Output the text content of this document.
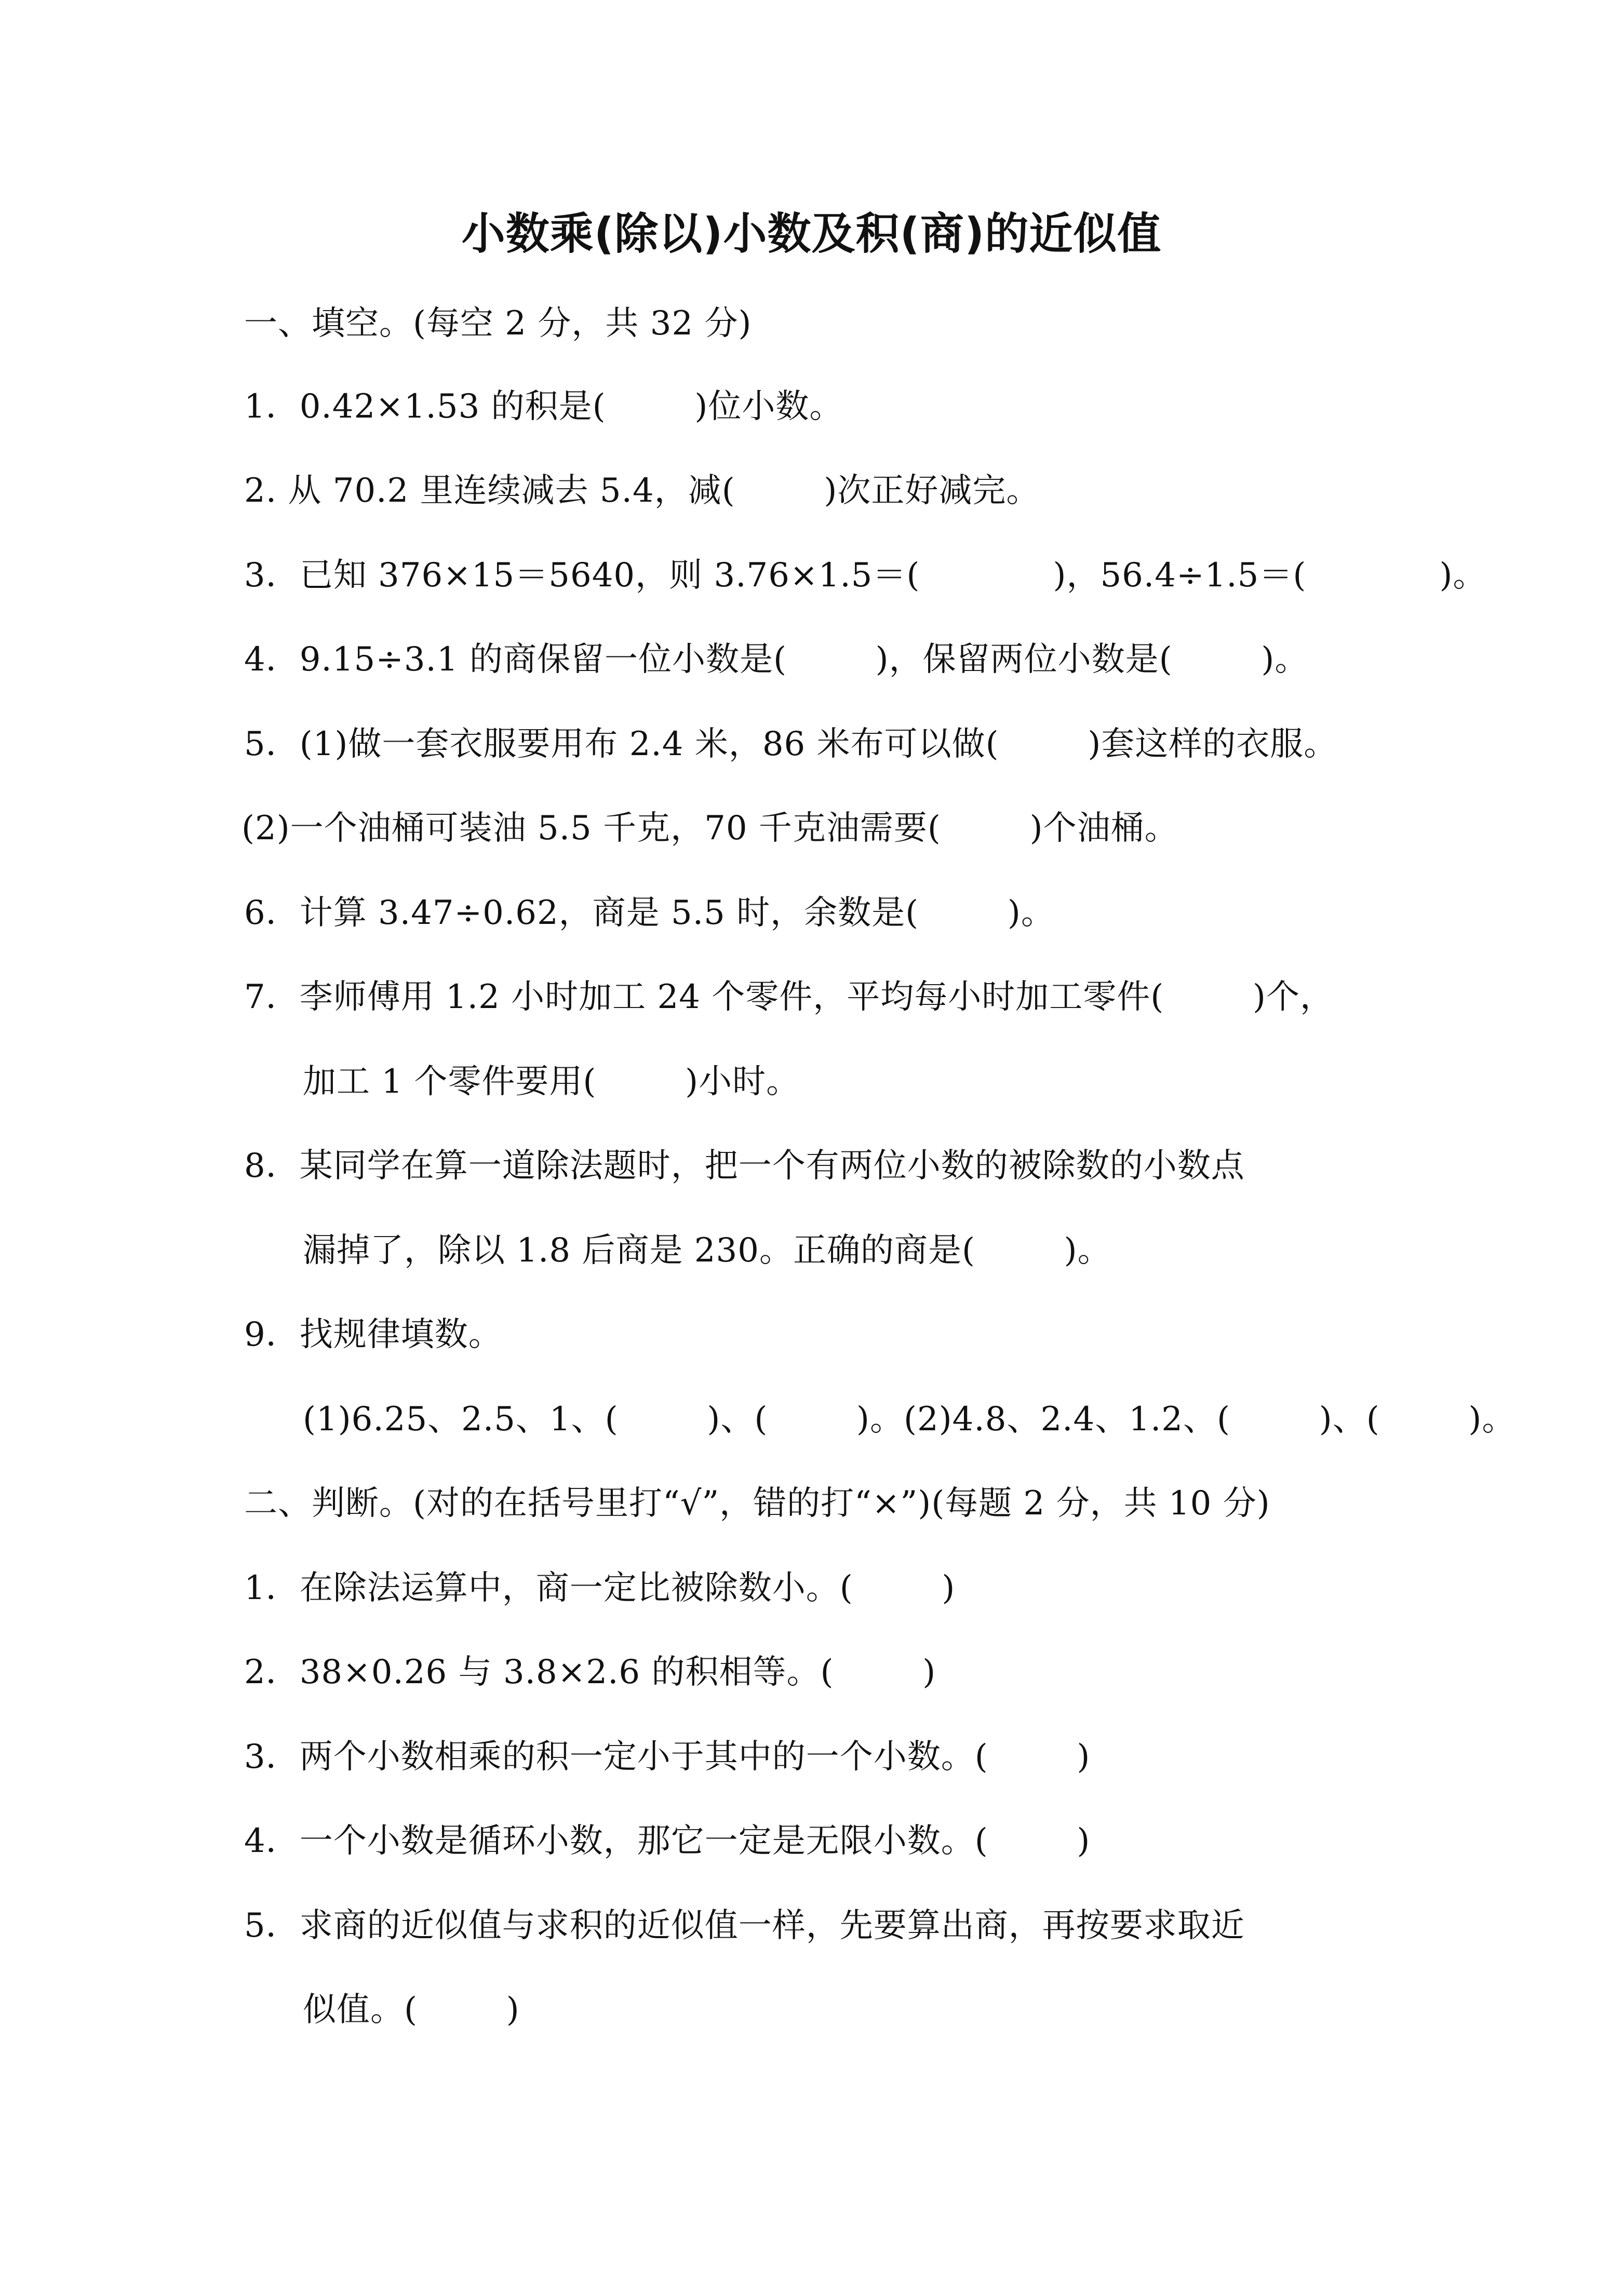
小数乘(除以)小数及积(商)的近似值
一、填空。(每空 2 分，共 32 分)
1．0.42×1.53 的积是(        )位小数。
2. 从 70.2 里连续减去 5.4，减(        )次正好减完。
3．已知 376×15＝5640，则 3.76×1.5＝(            )，56.4÷1.5＝(            )。
4．9.15÷3.1 的商保留一位小数是(        )，保留两位小数是(        )。
5．(1)做一套衣服要用布 2.4 米，86 米布可以做(        )套这样的衣服。
(2)一个油桶可装油 5.5 千克，70 千克油需要(        )个油桶。
6．计算 3.47÷0.62，商是 5.5 时，余数是(        )。
7．李师傅用 1.2 小时加工 24 个零件，平均每小时加工零件(        )个，
加工 1 个零件要用(        )小时。
8．某同学在算一道除法题时，把一个有两位小数的被除数的小数点
漏掉了，除以 1.8 后商是 230。正确的商是(        )。
9．找规律填数。
(1)6.25、2.5、1、(        )、(        )。(2)4.8、2.4、1.2、(        )、(        )。
二、判断。(对的在括号里打“√”，错的打“×”)(每题 2 分，共 10 分)
1．在除法运算中，商一定比被除数小。(        )
2．38×0.26 与 3.8×2.6 的积相等。(        )
3．两个小数相乘的积一定小于其中的一个小数。(        )
4．一个小数是循环小数，那它一定是无限小数。(        )
5．求商的近似值与求积的近似值一样，先要算出商，再按要求取近
似值。(        )
